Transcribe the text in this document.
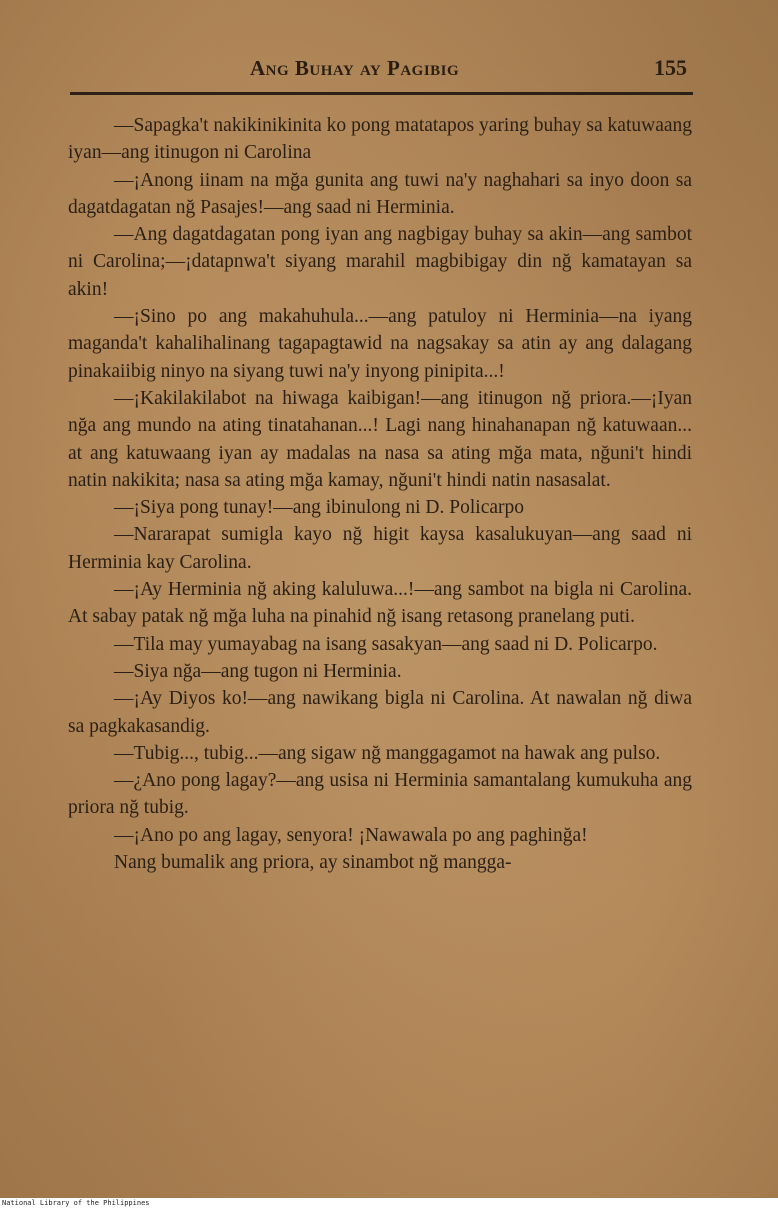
Ang Buhay ay Pagibig	155

—Sapagka't nakikinikinita ko pong matatapos yaring buhay sa katuwaang iyan—ang itinugon ni Carolina

—¡Anong iinam na mğa gunita ang tuwi na'y naghahari sa inyo doon sa dagatdagatan nğ Pasajes!—ang saad ni Herminia.

—Ang dagatdagatan pong iyan ang nagbigay buhay sa akin—ang sambot ni Carolina;—¡datapnwa't siyang marahil magbibigay din nğ kamatayan sa akin!

—¡Sino po ang makahuhula...—ang patuloy ni Herminia—na iyang maganda't kahalihalinang tagapagtawid na nagsakay sa atin ay ang dalagang pinakaiibig ninyo na siyang tuwi na'y inyong pinipita...!

—¡Kakilakilabot na hiwaga kaibigan!—ang itinugon nğ priora.—¡Iyan nğa ang mundo na ating tinatahanan...! Lagi nang hinahanapan nğ katuwaan... at ang katuwaang iyan ay madalas na nasa sa ating mğa mata, nğuni't hindi natin nakikita; nasa sa ating mğa kamay, nğuni't hindi natin nasasalat.

—¡Siya pong tunay!—ang ibinulong ni D. Policarpo

—Nararapat sumigla kayo nğ higit kaysa kasalukuyan—ang saad ni Herminia kay Carolina.

—¡Ay Herminia nğ aking kaluluwa...!—ang sambot na bigla ni Carolina. At sabay patak nğ mğa luha na pinahid nğ isang retasong pranelang puti.

—Tila may yumayabag na isang sasakyan—ang saad ni D. Policarpo.

—Siya nğa—ang tugon ni Herminia.

—¡Ay Diyos ko!—ang nawikang bigla ni Carolina. At nawalan nğ diwa sa pagkakasandig.

—Tubig..., tubig...—ang sigaw nğ manggagamot na hawak ang pulso.

—¿Ano pong lagay?—ang usisa ni Herminia samantalang kumukuha ang priora nğ tubig.

—¡Ano po ang lagay, senyora! ¡Nawawala po ang paghinğa!

Nang bumalik ang priora, ay sinambot nğ mangga-

National Library of the Philippines
